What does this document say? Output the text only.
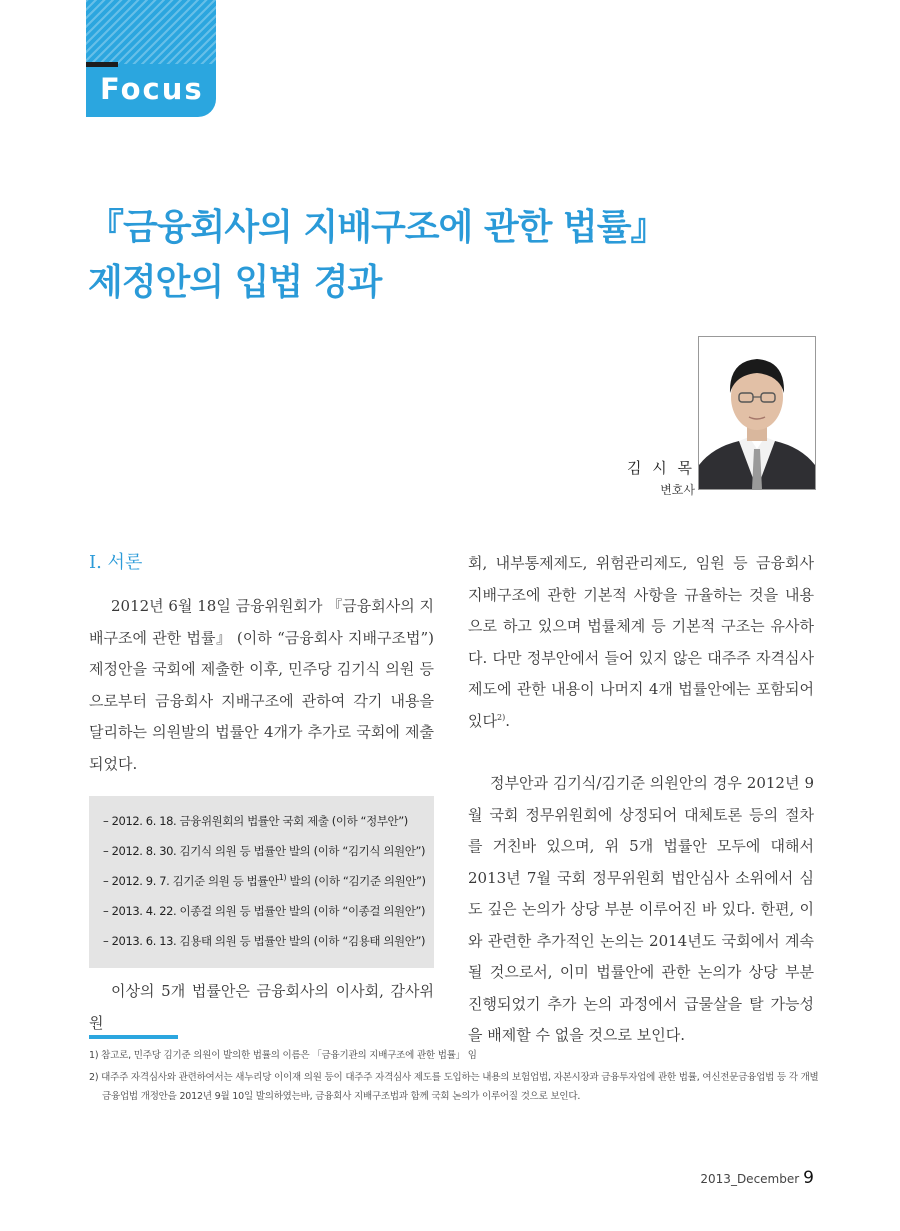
Focus
『금융회사의 지배구조에 관한 법률』
제정안의 입법 경과
김 시 목
변호사
Ⅰ. 서론

2012년 6월 18일 금융위원회가 『금융회사의 지배구조에 관한 법률』 (이하 “금융회사 지배구조법”) 제정안을 국회에 제출한 이후, 민주당 김기식 의원 등으로부터 금융회사 지배구조에 관하여 각기 내용을 달리하는 의원발의 법률안 4개가 추가로 국회에 제출되었다.

– 2012. 6. 18. 금융위원회의 법률안 국회 제출 (이하 “정부안”)
– 2012. 8. 30. 김기식 의원 등 법률안 발의 (이하 “김기식 의원안”)
– 2012. 9. 7. 김기준 의원 등 법률안$^{1)}$ 발의 (이하 “김기준 의원안”)
– 2013. 4. 22. 이종걸 의원 등 법률안 발의 (이하 “이종걸 의원안”)
– 2013. 6. 13. 김용태 의원 등 법률안 발의 (이하 “김용태 의원안”)

이상의 5개 법률안은 금융회사의 이사회, 감사위원

회, 내부통제제도, 위험관리제도, 임원 등 금융회사 지배구조에 관한 기본적 사항을 규율하는 것을 내용으로 하고 있으며 법률체계 등 기본적 구조는 유사하다. 다만 정부안에서 들어 있지 않은 대주주 자격심사 제도에 관한 내용이 나머지 4개 법률안에는 포함되어 있다$^{2)}$.

정부안과 김기식/김기준 의원안의 경우 2012년 9월 국회 정무위원회에 상정되어 대체토론 등의 절차를 거친바 있으며, 위 5개 법률안 모두에 대해서 2013년 7월 국회 정무위원회 법안심사 소위에서 심도 깊은 논의가 상당 부분 이루어진 바 있다. 한편, 이와 관련한 추가적인 논의는 2014년도 국회에서 계속될 것으로서, 이미 법률안에 관한 논의가 상당 부분 진행되었기 추가 논의 과정에서 급물살을 탈 가능성을 배제할 수 없을 것으로 보인다.

1) 참고로, 민주당 김기준 의원이 발의한 법률의 이름은 「금융기관의 지배구조에 관한 법률」 임
2) 대주주 자격심사와 관련하여서는 새누리당 이이재 의원 등이 대주주 자격심사 제도를 도입하는 내용의 보험업법, 자본시장과 금융투자업에 관한 법률, 여신전문금융업법 등 각 개별 금융업법 개정안을 2012년 9월 10일 발의하였는바, 금융회사 지배구조법과 함께 국회 논의가 이루어질 것으로 보인다.
2013_December 9
